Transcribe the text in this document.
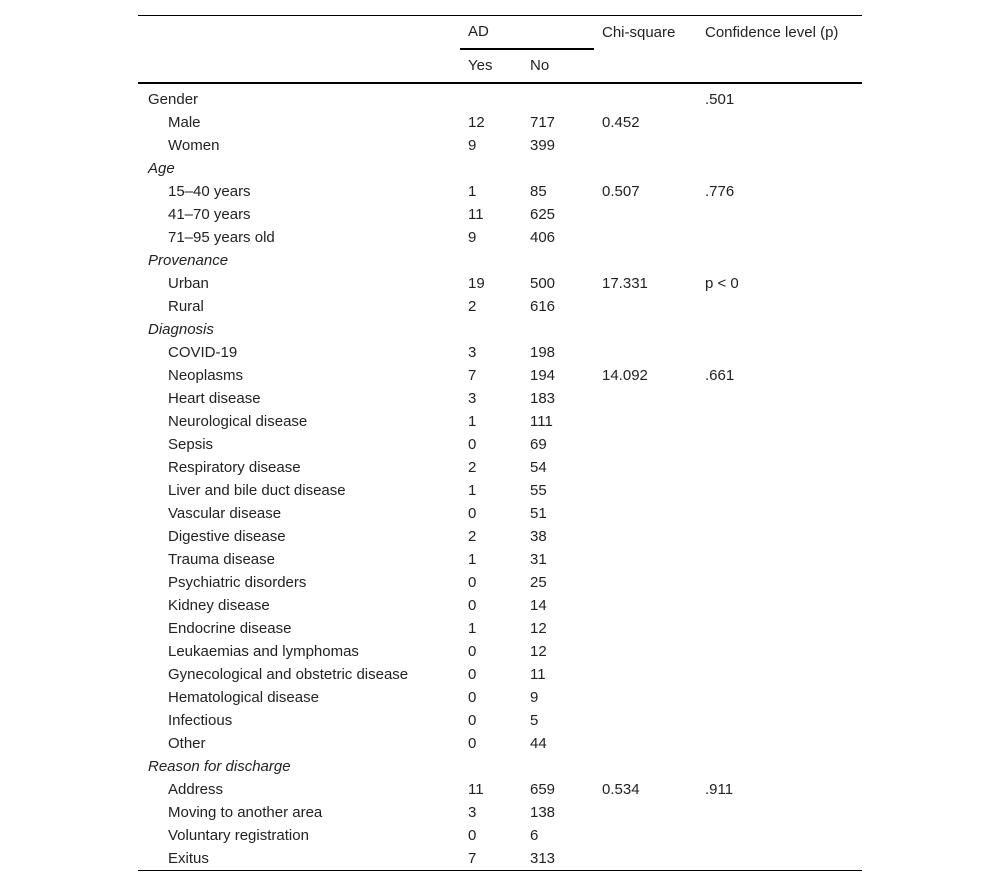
	AD		Chi-square	Confidence level (p)
	Yes	No		
Gender				.501
Male	12	717	0.452	
Women	9	399		
Age				
15–40 years	1	85	0.507	.776
41–70 years	11	625		
71–95 years old	9	406		
Provenance				
Urban	19	500	17.331	p < 0
Rural	2	616		
Diagnosis				
COVID-19	3	198		
Neoplasms	7	194	14.092	.661
Heart disease	3	183		
Neurological disease	1	111		
Sepsis	0	69		
Respiratory disease	2	54		
Liver and bile duct disease	1	55		
Vascular disease	0	51		
Digestive disease	2	38		
Trauma disease	1	31		
Psychiatric disorders	0	25		
Kidney disease	0	14		
Endocrine disease	1	12		
Leukaemias and lymphomas	0	12		
Gynecological and obstetric disease	0	11		
Hematological disease	0	9		
Infectious	0	5		
Other	0	44		
Reason for discharge				
Address	11	659	0.534	.911
Moving to another area	3	138		
Voluntary registration	0	6		
Exitus	7	313		
